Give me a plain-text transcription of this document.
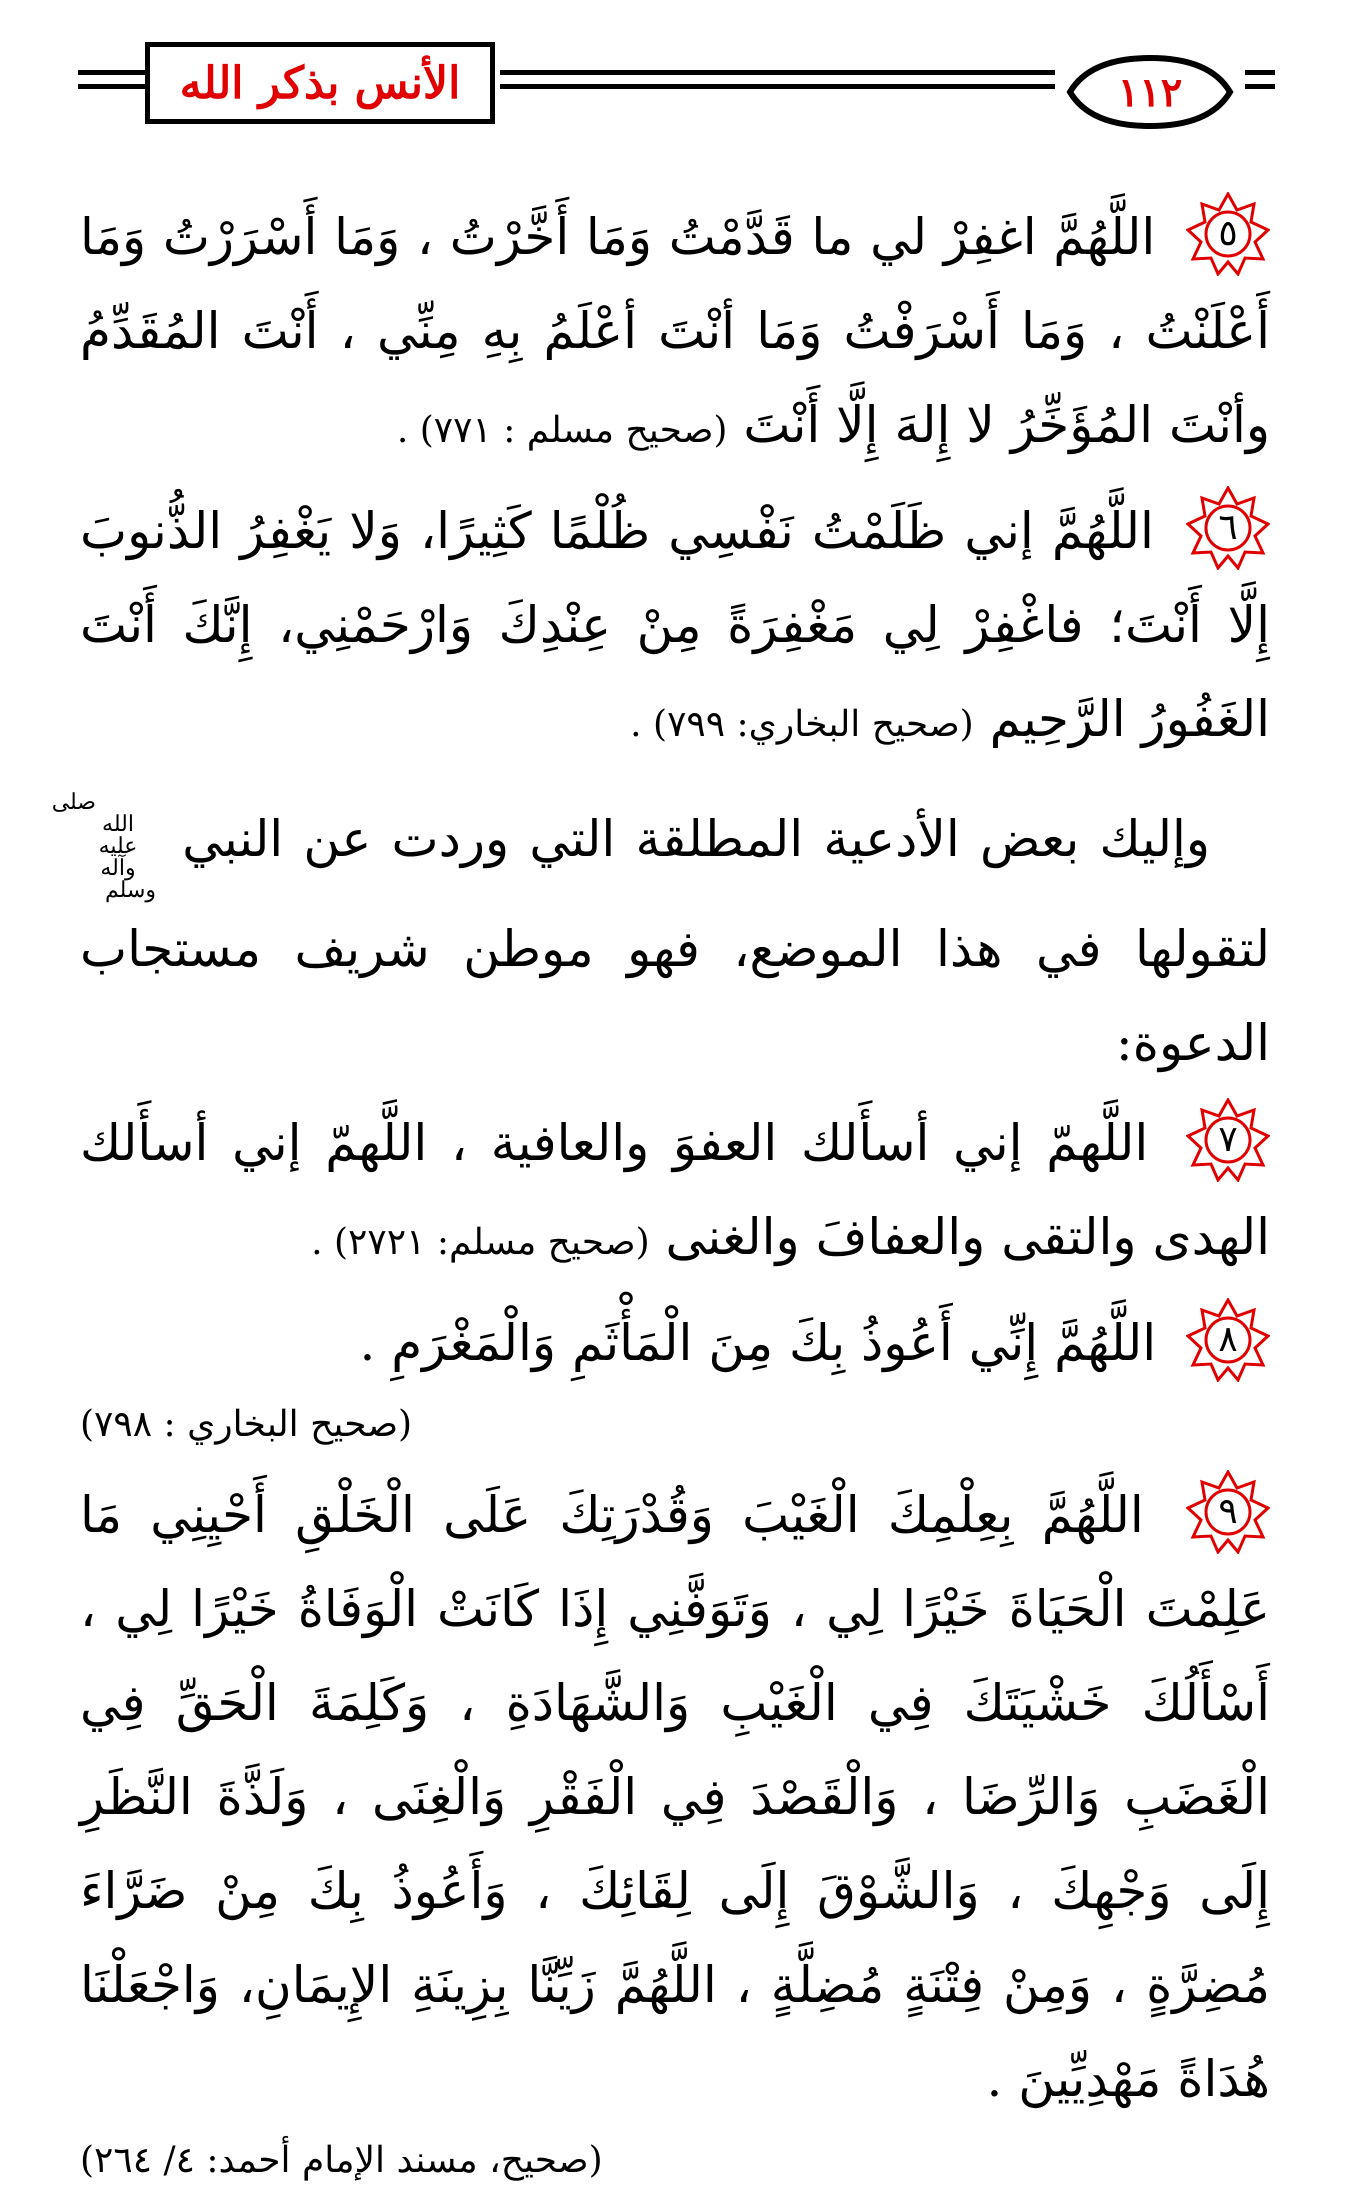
الأنس بذكر الله	١١٢

٥
اللَّهُمَّ اغفِرْ لي ما قَدَّمْتُ وَمَا أَخَّرْتُ ، وَمَا أَسْرَرْتُ وَمَا أَعْلَنْتُ ، وَمَا أَسْرَفْتُ وَمَا أنْتَ أعْلَمُ بِهِ مِنِّي ، أَنْتَ المُقَدِّمُ وأنْتَ المُؤَخِّرُ لا إِلهَ إِلَّا أَنْتَ (صحيح مسلم : ٧٧١) .

٦
اللَّهُمَّ إني ظَلَمْتُ نَفْسِي ظُلْمًا كَثِيرًا، وَلا يَغْفِرُ الذُّنوبَ إِلَّا أَنْتَ؛ فاغْفِرْ لِي مَغْفِرَةً مِنْ عِنْدِكَ وَارْحَمْنِي، إِنَّكَ أَنْتَ الغَفُورُ الرَّحِيم (صحيح البخاري: ٧٩٩) .

وإليك بعض الأدعية المطلقة التي وردت عن النبي صلى الله عليه وآله وسلم لتقولها في هذا الموضع، فهو موطن شريف مستجاب الدعوة:

٧
اللَّهمّ إني أسأَلك العفوَ والعافية ، اللَّهمّ إني أسأَلك الهدى والتقى والعفافَ والغنى (صحيح مسلم: ٢٧٢١) .

٨
اللَّهُمَّ إِنِّي أَعُوذُ بِكَ مِنَ الْمَأْثَمِ وَالْمَغْرَمِ .

(صحيح البخاري : ٧٩٨)

٩
اللَّهُمَّ بِعِلْمِكَ الْغَيْبَ وَقُدْرَتِكَ عَلَى الْخَلْقِ أَحْيِنِي مَا عَلِمْتَ الْحَيَاةَ خَيْرًا لِي ، وَتَوَفَّنِي إِذَا كَانَتْ الْوَفَاةُ خَيْرًا لِي ، أَسْأَلُكَ خَشْيَتَكَ فِي الْغَيْبِ وَالشَّهَادَةِ ، وَكَلِمَةَ الْحَقِّ فِي الْغَضَبِ وَالرِّضَا ، وَالْقَصْدَ فِي الْفَقْرِ وَالْغِنَى ، وَلَذَّةَ النَّظَرِ إِلَى وَجْهِكَ ، وَالشَّوْقَ إِلَى لِقَائِكَ ، وَأَعُوذُ بِكَ مِنْ ضَرَّاءَ مُضِرَّةٍ ، وَمِنْ فِتْنَةٍ مُضِلَّةٍ ، اللَّهُمَّ زَيِّنَّا بِزِينَةِ الإِيمَانِ، وَاجْعَلْنَا هُدَاةً مَهْدِيِّينَ .

(صحيح، مسند الإمام أحمد: ٤/ ٢٦٤)
